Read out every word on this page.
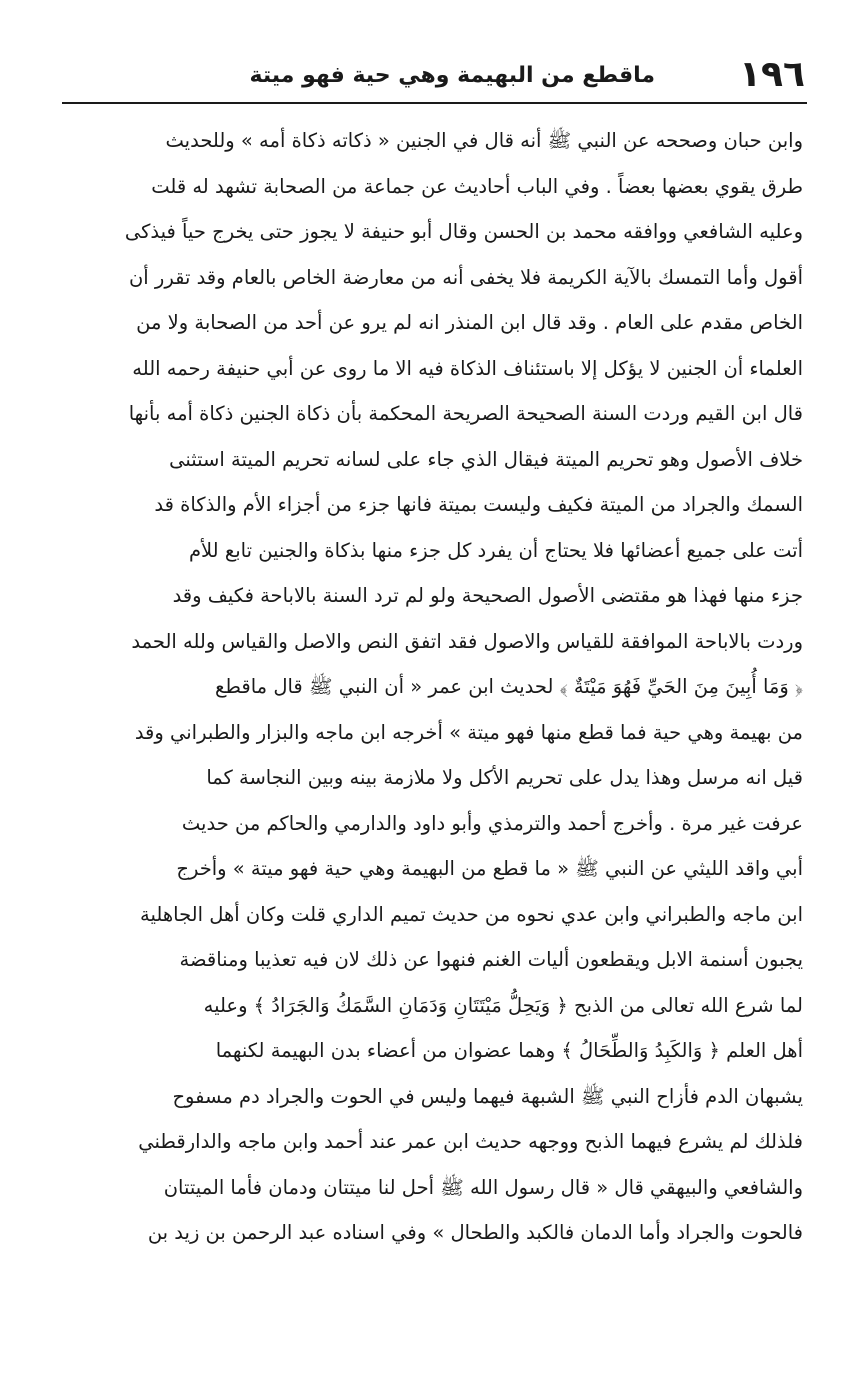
١٩٦
ماقطع من البهيمة وهي حية فهو ميتة
وابن حبان وصححه عن النبي ﷺ أنه قال في الجنين « ذكاته ذكاة أمه » وللحديث
طرق يقوي بعضها بعضاً . وفي الباب أحاديث عن جماعة من الصحابة تشهد له قلت
وعليه الشافعي ووافقه محمد بن الحسن وقال أبو حنيفة لا يجوز حتى يخرج حياً فيذكى
أقول وأما التمسك بالآية الكريمة فلا يخفى أنه من معارضة الخاص بالعام وقد تقرر أن
الخاص مقدم على العام . وقد قال ابن المنذر انه لم يرو عن أحد من الصحابة ولا من
العلماء أن الجنين لا يؤكل إلا باستئناف الذكاة فيه الا ما روى عن أبي حنيفة رحمه الله
قال ابن القيم وردت السنة الصحيحة الصريحة المحكمة بأن ذكاة الجنين ذكاة أمه بأنها
خلاف الأصول وهو تحريم الميتة فيقال الذي جاء على لسانه تحريم الميتة استثنى
السمك والجراد من الميتة فكيف وليست بميتة فانها جزء من أجزاء الأم والذكاة قد
أتت على جميع أعضائها فلا يحتاج أن يفرد كل جزء منها بذكاة والجنين تابع للأم
جزء منها فهذا هو مقتضى الأصول الصحيحة ولو لم ترد السنة بالاباحة فكيف وقد
وردت بالاباحة الموافقة للقياس والاصول فقد اتفق النص والاصل والقياس ولله الحمد
﴿ وَمَا أُبِينَ مِنَ الحَيِّ فَهُوَ مَيْتَةٌ ﴾ لحديث ابن عمر « أن النبي ﷺ قال ماقطع
من بهيمة وهي حية فما قطع منها فهو ميتة » أخرجه ابن ماجه والبزار والطبراني وقد
قيل انه مرسل وهذا يدل على تحريم الأكل ولا ملازمة بينه وبين النجاسة كما
عرفت غير مرة . وأخرج أحمد والترمذي وأبو داود والدارمي والحاكم من حديث
أبي واقد الليثي عن النبي ﷺ « ما قطع من البهيمة وهي حية فهو ميتة » وأخرج
ابن ماجه والطبراني وابن عدي نحوه من حديث تميم الداري قلت وكان أهل الجاهلية
يجبون أسنمة الابل ويقطعون أليات الغنم فنهوا عن ذلك لان فيه تعذيبا ومناقضة
لما شرع الله تعالى من الذبح ﴿ وَيَحِلُّ مَيْتَتَانِ وَدَمَانِ السَّمَكُ وَالجَرَادُ ﴾ وعليه
أهل العلم ﴿ وَالكَبِدُ وَالطِّحَالُ ﴾ وهما عضوان من أعضاء بدن البهيمة لكنهما
يشبهان الدم فأزاح النبي ﷺ الشبهة فيهما وليس في الحوت والجراد دم مسفوح
فلذلك لم يشرع فيهما الذبح ووجهه حديث ابن عمر عند أحمد وابن ماجه والدارقطني
والشافعي والبيهقي قال « قال رسول الله ﷺ أحل لنا ميتتان ودمان فأما الميتتان
فالحوت والجراد وأما الدمان فالكبد والطحال » وفي اسناده عبد الرحمن بن زيد بن
